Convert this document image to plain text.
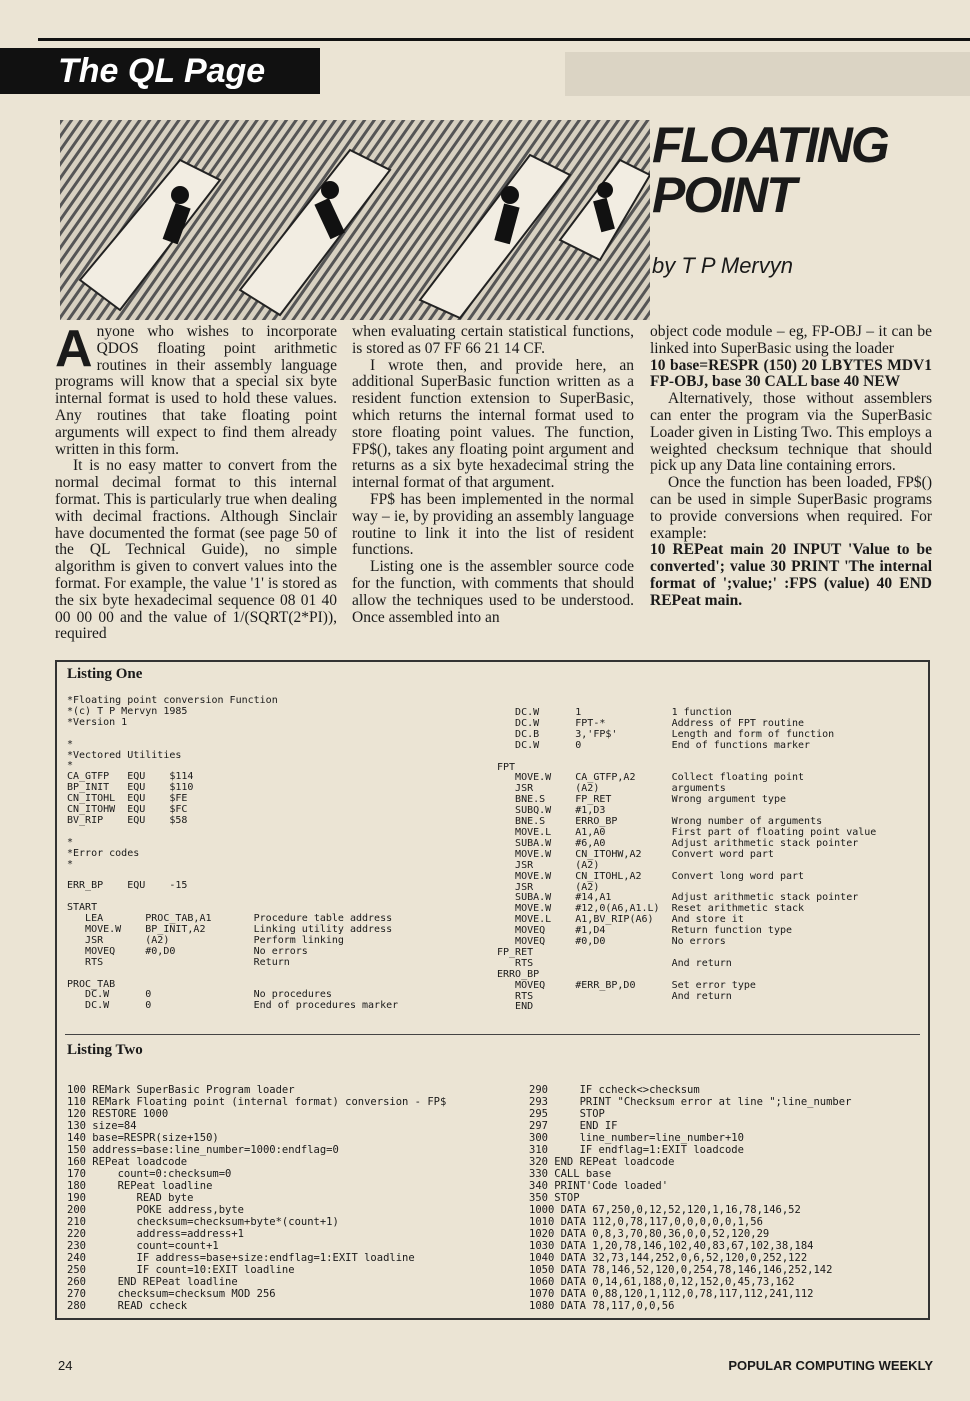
The QL Page
FLOATING
POINT
by T P Mervyn

Anyone who wishes to incorporate QDOS floating point arithmetic routines in their assembly language programs will know that a special six byte internal format is used to hold these values. Any routines that take floating point arguments will expect to find them already written in this form.

It is no easy matter to convert from the normal decimal format to this internal format. This is particularly true when dealing with decimal fractions. Although Sinclair have documented the format (see page 50 of the QL Technical Guide), no simple algorithm is given to convert values into the format. For example, the value '1' is stored as the six byte hexadecimal sequence 08 01 40 00 00 00 and the value of 1/(SQRT(2*PI)), required

when evaluating certain statistical functions, is stored as 07 FF 66 21 14 CF.

I wrote then, and provide here, an additional SuperBasic function written as a resident function extension to SuperBasic, which returns the internal format used to store floating point values. The function, FP$(), takes any floating point argument and returns as a six byte hexadecimal string the internal format of that argument.

FP$ has been implemented in the normal way – ie, by providing an assembly language routine to link it into the list of resident functions.

Listing one is the assembler source code for the function, with comments that should allow the techniques used to be understood. Once assembled into an

object code module – eg, FP-OBJ – it can be linked into SuperBasic using the loader

10 base=RESPR (150) 20 LBYTES MDV1 FP-OBJ, base 30 CALL base 40 NEW

Alternatively, those without assemblers can enter the program via the SuperBasic Loader given in Listing Two. This employs a weighted checksum technique that should pick up any Data line containing errors.

Once the function has been loaded, FP$() can be used in simple SuperBasic programs to provide conversions when required. For example:

10 REPeat main 20 INPUT 'Value to be converted'; value 30 PRINT 'The internal format of ';value;' :FPS (value) 40 END REPeat main.

Listing One
*Floating point conversion Function
*(c) T P Mervyn 1985
*Version 1

*
*Vectored Utilities
*
CA_GTFP   EQU    $114
BP_INIT   EQU    $110
CN_ITOHL  EQU    $FE
CN_ITOHW  EQU    $FC
BV_RIP    EQU    $58

*
*Error codes
*

ERR_BP    EQU    -15

START
LEA       PROC_TAB,A1       Procedure table address
MOVE.W    BP_INIT,A2        Linking utility address
JSR       (A2)              Perform linking
MOVEQ     #0,D0             No errors
RTS                         Return

PROC_TAB
DC.W      0                 No procedures
DC.W      0                 End of procedures marker
DC.W      1               1 function
DC.W      FPT-*           Address of FPT routine
DC.B      3,'FP$'         Length and form of function
DC.W      0               End of functions marker

FPT
MOVE.W    CA_GTFP,A2      Collect floating point
JSR       (A2)            arguments
BNE.S     FP_RET          Wrong argument type
SUBQ.W    #1,D3
BNE.S     ERRO_BP         Wrong number of arguments
MOVE.L    A1,A0           First part of floating point value
SUBA.W    #6,A0           Adjust arithmetic stack pointer
MOVE.W    CN_ITOHW,A2     Convert word part
JSR       (A2)
MOVE.W    CN_ITOHL,A2     Convert long word part
JSR       (A2)
SUBA.W    #14,A1          Adjust arithmetic stack pointer
MOVE.W    #12,0(A6,A1.L)  Reset arithmetic stack
MOVE.L    A1,BV_RIP(A6)   And store it
MOVEQ     #1,D4           Return function type
MOVEQ     #0,D0           No errors
FP_RET
RTS                       And return
ERRO_BP
MOVEQ     #ERR_BP,D0      Set error type
RTS                       And return
END
Listing Two
100 REMark SuperBasic Program loader
110 REMark Floating point (internal format) conversion - FP$
120 RESTORE 1000
130 size=84
140 base=RESPR(size+150)
150 address=base:line_number=1000:endflag=0
160 REPeat loadcode
170     count=0:checksum=0
180     REPeat loadline
190        READ byte
200        POKE address,byte
210        checksum=checksum+byte*(count+1)
220        address=address+1
230        count=count+1
240        IF address=base+size:endflag=1:EXIT loadline
250        IF count=10:EXIT loadline
260     END REPeat loadline
270     checksum=checksum MOD 256
280     READ ccheck
290     IF ccheck<>checksum
293     PRINT "Checksum error at line ";line_number
295     STOP
297     END IF
300     line_number=line_number+10
310     IF endflag=1:EXIT loadcode
320 END REPeat loadcode
330 CALL base
340 PRINT'Code loaded'
350 STOP
1000 DATA 67,250,0,12,52,120,1,16,78,146,52
1010 DATA 112,0,78,117,0,0,0,0,0,1,56
1020 DATA 0,8,3,70,80,36,0,0,52,120,29
1030 DATA 1,20,78,146,102,40,83,67,102,38,184
1040 DATA 32,73,144,252,0,6,52,120,0,252,122
1050 DATA 78,146,52,120,0,254,78,146,146,252,142
1060 DATA 0,14,61,188,0,12,152,0,45,73,162
1070 DATA 0,88,120,1,112,0,78,117,112,241,112
1080 DATA 78,117,0,0,56
24	POPULAR COMPUTING WEEKLY
